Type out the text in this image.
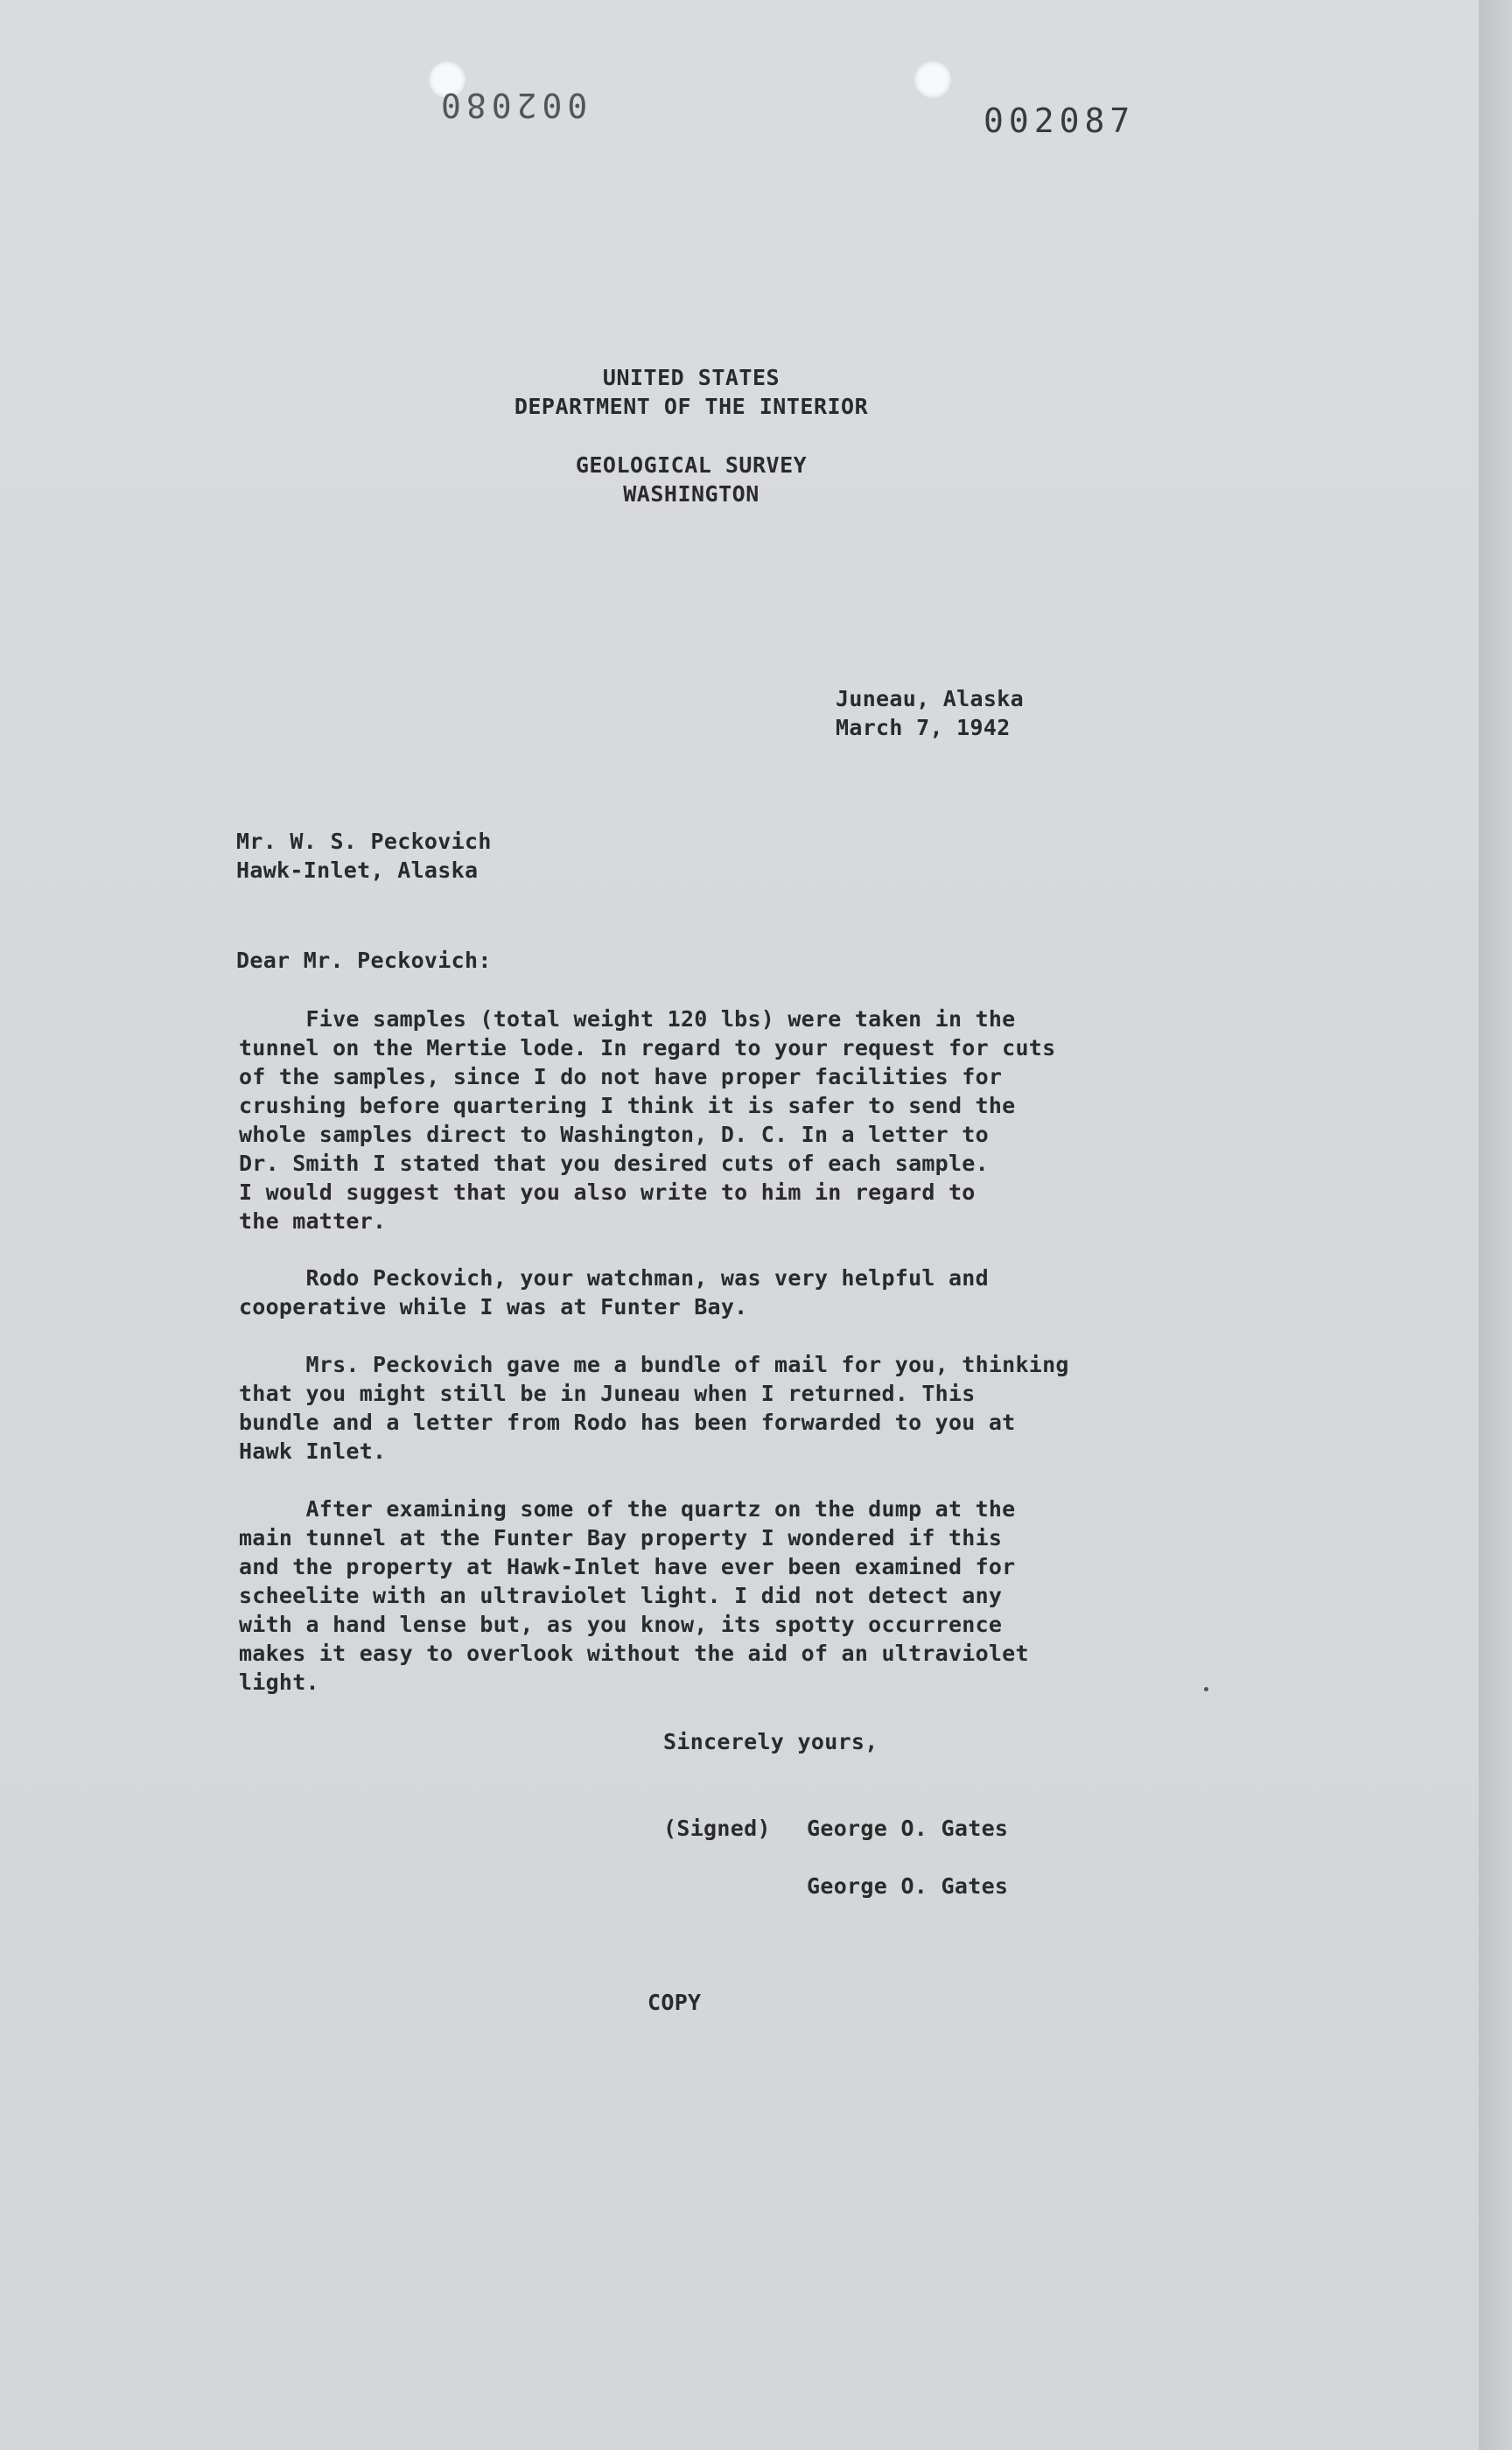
002080	002087
UNITED STATES
DEPARTMENT OF THE INTERIOR
GEOLOGICAL SURVEY
WASHINGTON
Juneau, Alaska
March 7, 1942
Mr. W. S. Peckovich
Hawk-Inlet, Alaska
Dear Mr. Peckovich:
Five samples (total weight 120 lbs) were taken in the
tunnel on the Mertie lode. In regard to your request for cuts
of the samples, since I do not have proper facilities for
crushing before quartering I think it is safer to send the
whole samples direct to Washington, D. C. In a letter to
Dr. Smith I stated that you desired cuts of each sample.
I would suggest that you also write to him in regard to
the matter.
Rodo Peckovich, your watchman, was very helpful and
cooperative while I was at Funter Bay.
Mrs. Peckovich gave me a bundle of mail for you, thinking
that you might still be in Juneau when I returned. This
bundle and a letter from Rodo has been forwarded to you at
Hawk Inlet.
After examining some of the quartz on the dump at the
main tunnel at the Funter Bay property I wondered if this
and the property at Hawk-Inlet have ever been examined for
scheelite with an ultraviolet light. I did not detect any
with a hand lense but, as you know, its spotty occurrence
makes it easy to overlook without the aid of an ultraviolet
light.
Sincerely yours,
(Signed) George O. Gates
George O. Gates
COPY
